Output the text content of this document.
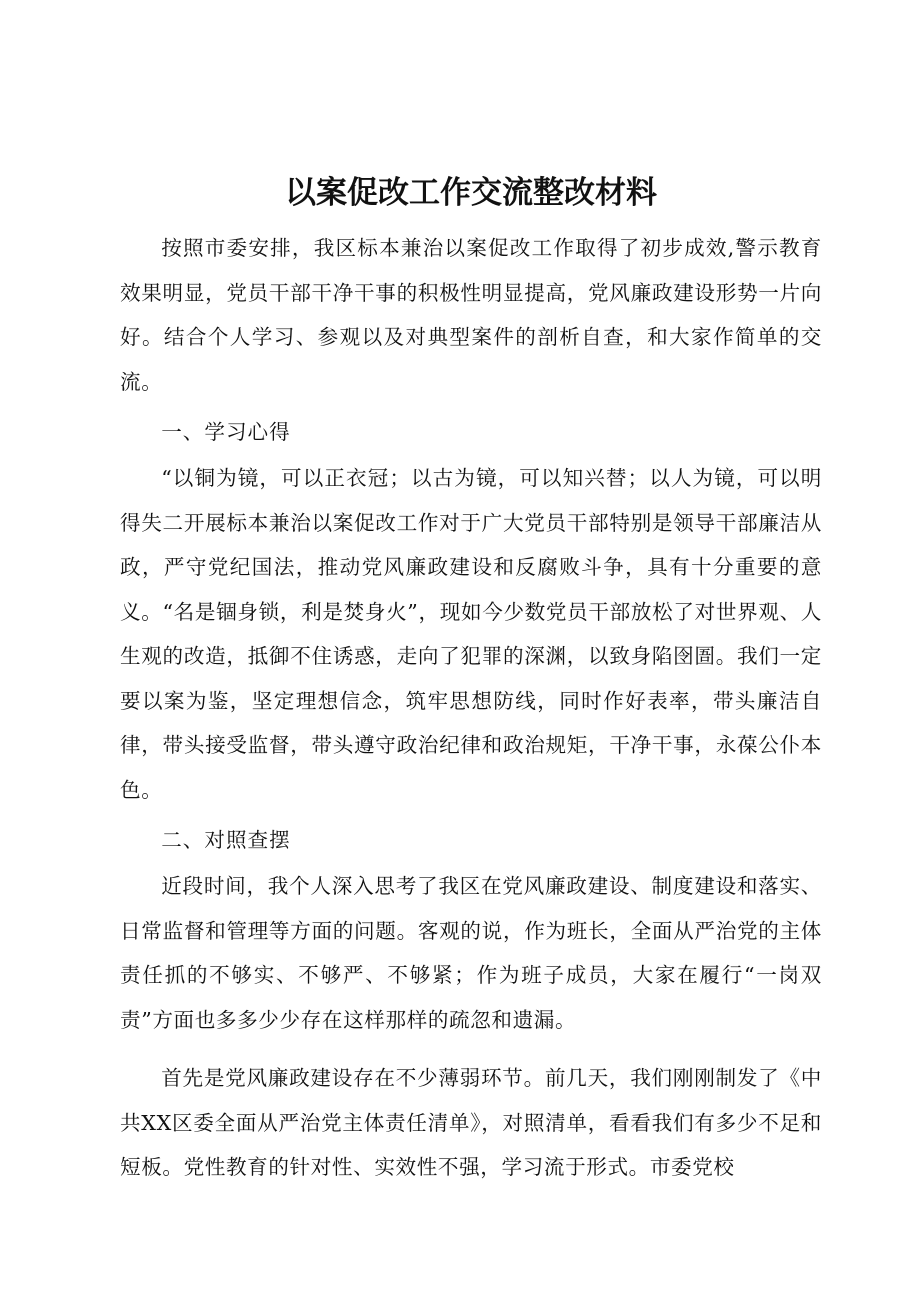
以案促改工作交流整改材料

按照市委安排，我区标本兼治以案促改工作取得了初步成效,警示教育效果明显，党员干部干净干事的积极性明显提高，党风廉政建设形势一片向好。结合个人学习、参观以及对典型案件的剖析自查，和大家作简单的交流。

一、学习心得

“以铜为镜，可以正衣冠；以古为镜，可以知兴替；以人为镜，可以明得失二开展标本兼治以案促改工作对于广大党员干部特别是领导干部廉洁从政，严守党纪国法，推动党风廉政建设和反腐败斗争，具有十分重要的意义。“名是锢身锁，利是焚身火”，现如今少数党员干部放松了对世界观、人生观的改造，抵御不住诱惑，走向了犯罪的深渊，以致身陷囹圄。我们一定要以案为鉴，坚定理想信念，筑牢思想防线，同时作好表率，带头廉洁自律，带头接受监督，带头遵守政治纪律和政治规矩，干净干事，永葆公仆本色。

二、对照查摆

近段时间，我个人深入思考了我区在党风廉政建设、制度建设和落实、日常监督和管理等方面的问题。客观的说，作为班长，全面从严治党的主体责任抓的不够实、不够严、不够紧；作为班子成员，大家在履行“一岗双责”方面也多多少少存在这样那样的疏忽和遗漏。

首先是党风廉政建设存在不少薄弱环节。前几天，我们刚刚制发了《中共XX区委全面从严治党主体责任清单》，对照清单，看看我们有多少不足和短板。党性教育的针对性、实效性不强，学习流于形式。市委党校
